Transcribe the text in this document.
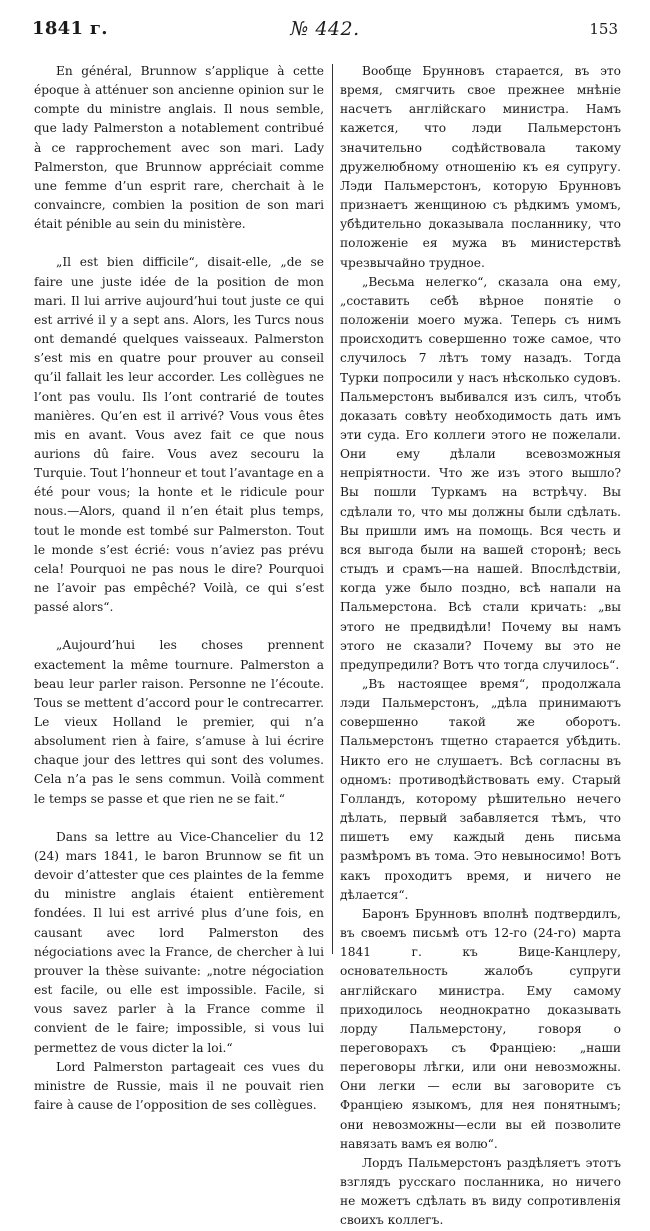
1841 г.	№ 442.	153

En général, Brunnow s’applique à cette époque à atténuer son ancienne opinion sur le compte du ministre anglais. Il nous semble, que lady Palmerston a notablement contribué à ce rapprochement avec son mari. Lady Palmerston, que Brunnow appréciait comme une femme d’un esprit rare, cherchait à le convaincre, combien la position de son mari était pénible au sein du ministère.

„Il est bien difficile“, disait-elle, „de se faire une juste idée de la position de mon mari. Il lui arrive aujourd’hui tout juste ce qui est arrivé il y a sept ans. Alors, les Turcs nous ont demandé quelques vaisseaux. Palmerston s’est mis en quatre pour prouver au conseil qu’il fallait les leur accorder. Les collègues ne l’ont pas voulu. Ils l’ont contrarié de toutes manières. Qu’en est il arrivé? Vous vous êtes mis en avant. Vous avez fait ce que nous aurions dû faire. Vous avez secouru la Turquie. Tout l’honneur et tout l’avantage en a été pour vous; la honte et le ridicule pour nous.—Alors, quand il n’en était plus temps, tout le monde est tombé sur Palmerston. Tout le monde s’est écrié: vous n’aviez pas prévu cela! Pourquoi ne pas nous le dire? Pourquoi ne l’avoir pas empêché? Voilà, ce qui s’est passé alors“.

„Aujourd’hui les choses prennent exactement la même tournure. Palmerston a beau leur parler raison. Personne ne l’écoute. Tous se mettent d’accord pour le contrecarrer. Le vieux Holland le premier, qui n’a absolument rien à faire, s’amuse à lui écrire chaque jour des lettres qui sont des volumes. Cela n’a pas le sens commun. Voilà comment le temps se passe et que rien ne se fait.“

Dans sa lettre au Vice-Chancelier du 12 (24) mars 1841, le baron Brunnow se fit un devoir d’attester que ces plaintes de la femme du ministre anglais étaient entièrement fondées. Il lui est arrivé plus d’une fois, en causant avec lord Palmerston des négociations avec la France, de chercher à lui prouver la thèse suivante: „notre négociation est facile, ou elle est impossible. Facile, si vous savez parler à la France comme il convient de le faire; impossible, si vous lui permettez de vous dicter la loi.“

Lord Palmerston partageait ces vues du ministre de Russie, mais il ne pouvait rien faire à cause de l’opposition de ses collègues.

Вообще Брунновъ старается, въ это время, смягчить свое прежнее мнѣніе насчетъ англійскаго министра. Намъ кажется, что лэди Пальмерстонъ значительно содѣйствовала такому дружелюбному отношенію къ ея супругу. Лэди Пальмерстонъ, которую Брунновъ признаетъ женщиною съ рѣдкимъ умомъ, убѣдительно доказывала посланнику, что положеніе ея мужа въ министерствѣ чрезвычайно трудное.

„Весьма нелегко“, сказала она ему, „составить себѣ вѣрное понятіе о положеніи моего мужа. Теперь съ нимъ происходитъ совершенно тоже самое, что случилось 7 лѣтъ тому назадъ. Тогда Турки попросили у насъ нѣсколько судовъ. Пальмерстонъ выбивался изъ силъ, чтобъ доказать совѣту необходимость дать имъ эти суда. Его коллеги этого не пожелали. Они ему дѣлали всевозможныя непріятности. Что же изъ этого вышло? Вы пошли Туркамъ на встрѣчу. Вы сдѣлали то, что мы должны были сдѣлать. Вы пришли имъ на помощь. Вся честь и вся выгода были на вашей сторонѣ; весь стыдъ и срамъ—на нашей. Впослѣдствіи, когда уже было поздно, всѣ напали на Пальмерстона. Всѣ стали кричать: „вы этого не предвидѣли! Почему вы намъ этого не сказали? Почему вы это не предупредили? Вотъ что тогда случилось“.

„Въ настоящее время“, продолжала лэди Пальмерстонъ, „дѣла принимаютъ совершенно такой же оборотъ. Пальмерстонъ тщетно старается убѣдить. Никто его не слушаетъ. Всѣ согласны въ одномъ: противодѣйствовать ему. Старый Голландъ, которому рѣшительно нечего дѣлать, первый забавляется тѣмъ, что пишетъ ему каждый день письма размѣромъ въ тома. Это невыносимо! Вотъ какъ проходитъ время, и ничего не дѣлается“.

Баронъ Брунновъ вполнѣ подтвердилъ, въ своемъ письмѣ отъ 12-го (24-го) марта 1841 г. къ Вице-Канцлеру, основательность жалобъ супруги англійскаго министра. Ему самому приходилось неоднократно доказывать лорду Пальмерстону, говоря о переговорахъ съ Франціею: „наши переговоры лѣгки, или они невозможны. Они легки — если вы заговорите съ Франціею языкомъ, для нея понятнымъ; они невозможны—если вы ей позволите навязать вамъ ея волю“.

Лордъ Пальмерстонъ раздѣляетъ этотъ взглядъ русскаго посланника, но ничего не можетъ сдѣлать въ виду сопротивленія своихъ коллегъ.
